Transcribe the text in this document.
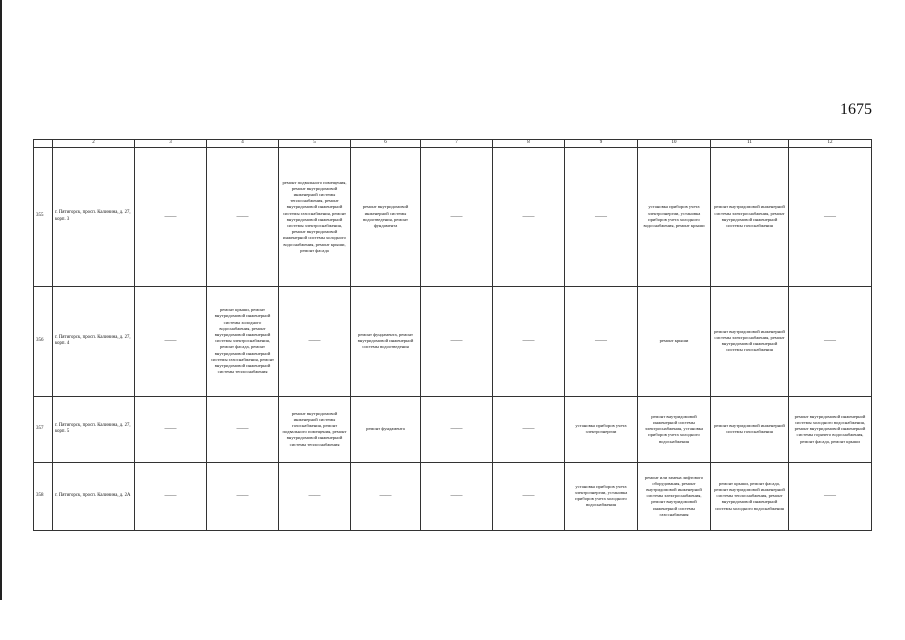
1675
	2	3	4	5	6	7	8	9	10	11	12
355	г. Пятигорск, просп. Калинина, д. 27, корп. 3	——	——	ремонт подвального помещения, ремонт внутридомовой инженерной системы теплоснабжения, ремонт внутридомовой инженерной системы газоснабжения, ремонт внутридомовой инженерной системы электроснабжения, ремонт внутридомовой инженерной системы холодного водоснабжения, ремонт крыши, ремонт фасада	ремонт внутридомовой инженерной системы водоотведения, ремонт фундамента	——	——	——	установка приборов учета электроэнергии, установка приборов учета холодного водоснабжения, ремонт крыши	ремонт внутридомовой инженерной системы электроснабжения, ремонт внутридомовой инженерной системы газоснабжения	——
356	г. Пятигорск, просп. Калинина, д. 27, корп. 4	——	ремонт крыши, ремонт внутридомовой инженерной системы холодного водоснабжения, ремонт внутридомовой инженерной системы электроснабжения, ремонт фасада, ремонт внутридомовой инженерной системы газоснабжения, ремонт внутридомовой инженерной системы теплоснабжения	——	ремонт фундамента, ремонт внутридомовой инженерной системы водоотведения	——	——	——	ремонт крыши	ремонт внутридомовой инженерной системы электроснабжения, ремонт внутридомовой инженерной системы газоснабжения	——
357	г. Пятигорск, просп. Калинина, д. 27, корп. 5	——	——	ремонт внутридомовой инженерной системы газоснабжения, ремонт подвального помещения, ремонт внутридомовой инженерной системы теплоснабжения	ремонт фундамента	——	——	установка приборов учета электроэнергии	ремонт внутридомовой инженерной системы электроснабжения, установка приборов учета холодного водоснабжения	ремонт внутридомовой инженерной системы газоснабжения	ремонт внутридомовой инженерной системы холодного водоснабжения, ремонт внутридомовой инженерной системы горячего водоснабжения, ремонт фасада, ремонт крыши
358	г. Пятигорск, просп. Калинина, д. 2А	——	——	——	——	——	——	установка приборов учета электроэнергии, установка приборов учета холодного водоснабжения	ремонт или замена лифтового оборудования, ремонт внутридомовой инженерной системы электроснабжения, ремонт внутридомовой инженерной системы газоснабжения	ремонт крыши, ремонт фасада, ремонт внутридомовой инженерной системы теплоснабжения, ремонт внутридомовой инженерной системы холодного водоснабжения	——
